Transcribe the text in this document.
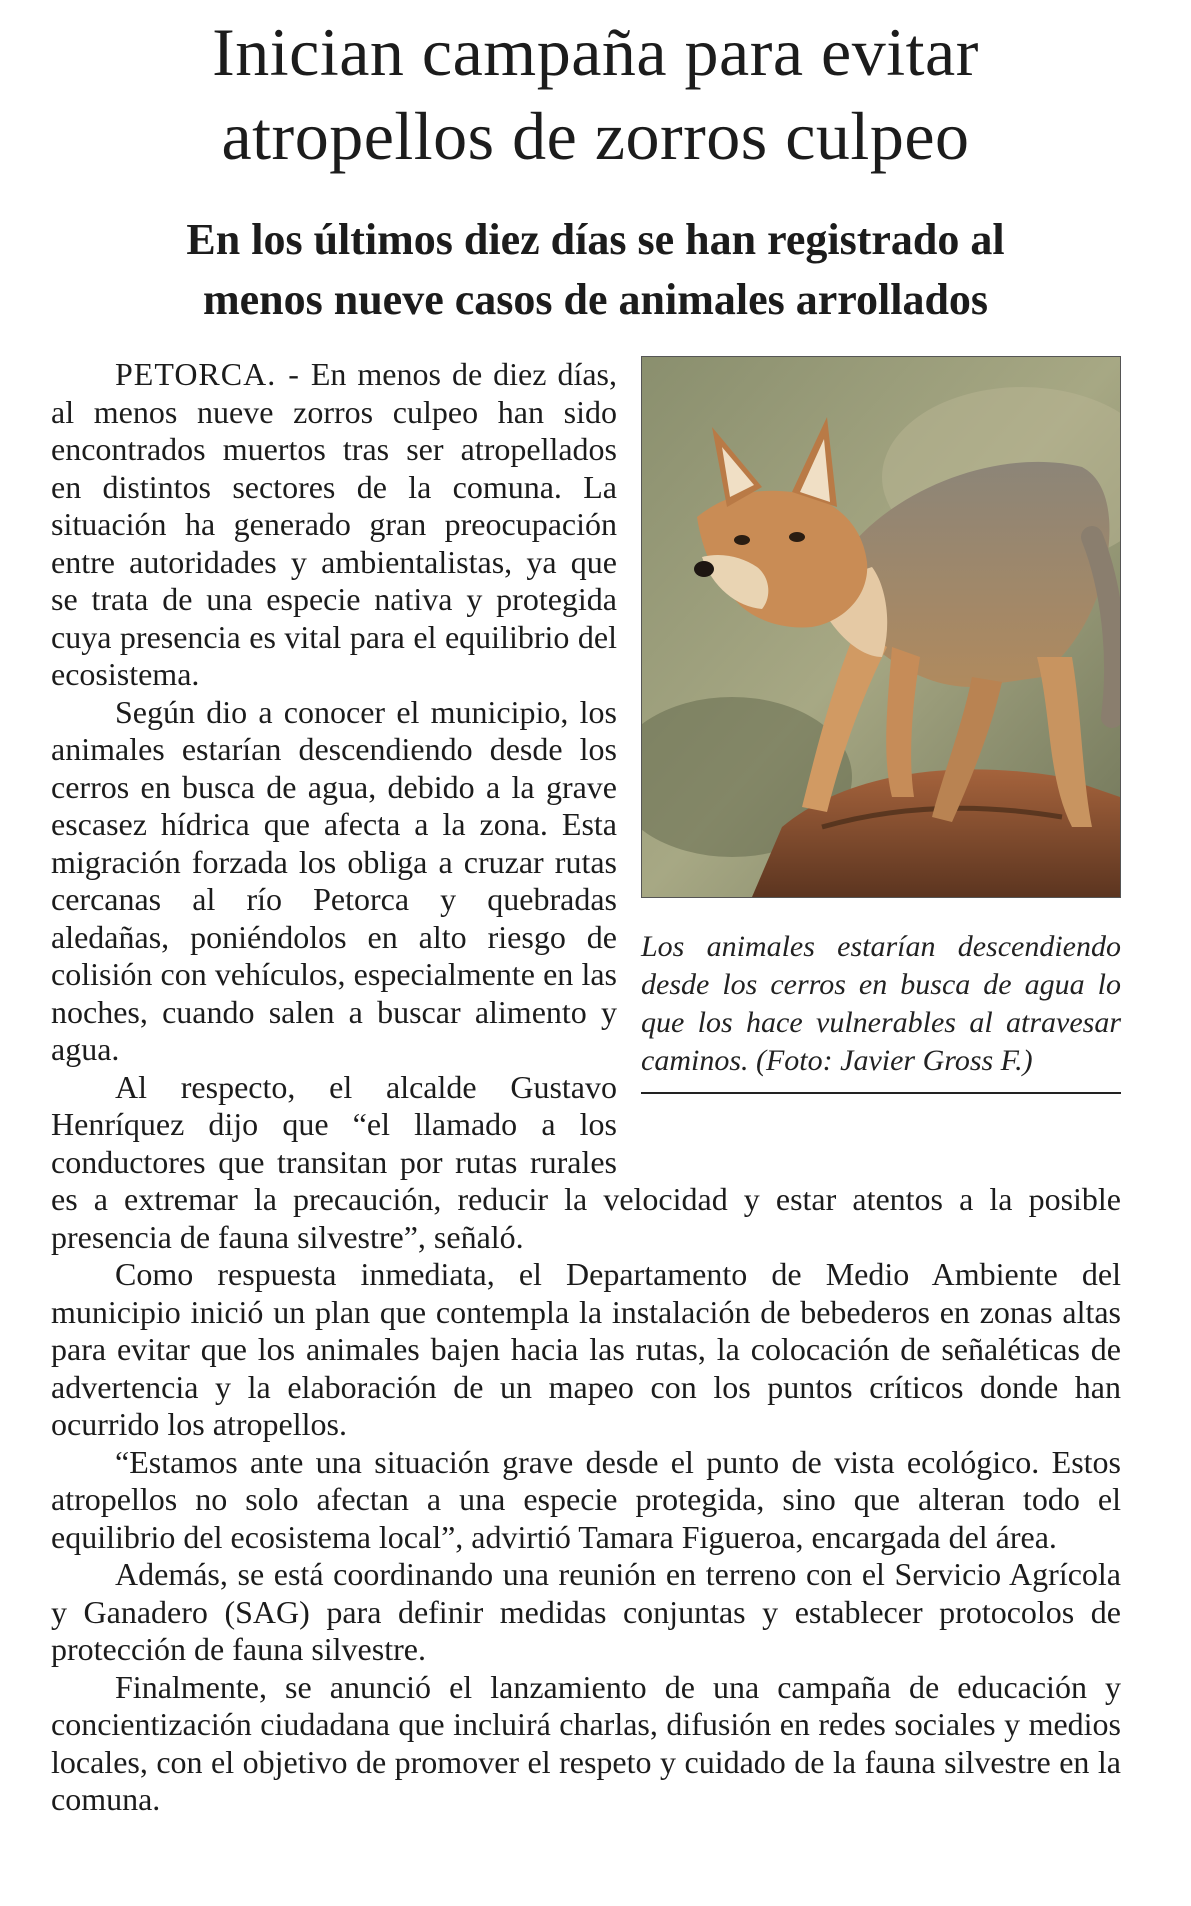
Inician campaña para evitar
atropellos de zorros culpeo
En los últimos diez días se han registrado al
menos nueve casos de animales arrollados
Los animales estarían descendiendo desde los cerros en busca de agua lo que los hace vulnerables al atravesar caminos. (Foto: Javier Gross F.)

PETORCA. - En menos de diez días, al menos nueve zorros culpeo han sido encontrados muertos tras ser atropellados en distintos sectores de la comuna. La situación ha generado gran preocupación entre autoridades y ambientalistas, ya que se trata de una especie nativa y protegida cuya presencia es vital para el equilibrio del ecosistema.

Según dio a conocer el municipio, los animales estarían descendiendo desde los cerros en busca de agua, debido a la grave escasez hídrica que afecta a la zona. Esta migración forzada los obliga a cruzar rutas cercanas al río Petorca y quebradas aledañas, poniéndolos en alto riesgo de colisión con vehículos, especialmente en las noches, cuando salen a buscar alimento y agua.

Al respecto, el alcalde Gustavo Henríquez dijo que “el llamado a los conductores que transitan por rutas rurales es a extremar la precaución, reducir la velocidad y estar atentos a la posible presencia de fauna silvestre”, señaló.

Como respuesta inmediata, el Departamento de Medio Ambiente del municipio inició un plan que contempla la instalación de bebederos en zonas altas para evitar que los animales bajen hacia las rutas, la colocación de señaléticas de advertencia y la elaboración de un mapeo con los puntos críticos donde han ocurrido los atropellos.

“Estamos ante una situación grave desde el punto de vista ecológico. Estos atropellos no solo afectan a una especie protegida, sino que alteran todo el equilibrio del ecosistema local”, advirtió Tamara Figueroa, encargada del área.

Además, se está coordinando una reunión en terreno con el Servicio Agrícola y Ganadero (SAG) para definir medidas conjuntas y establecer protocolos de protección de fauna silvestre.

Finalmente, se anunció el lanzamiento de una campaña de educación y concientización ciudadana que incluirá charlas, difusión en redes sociales y medios locales, con el objetivo de promover el respeto y cuidado de la fauna silvestre en la comuna.
